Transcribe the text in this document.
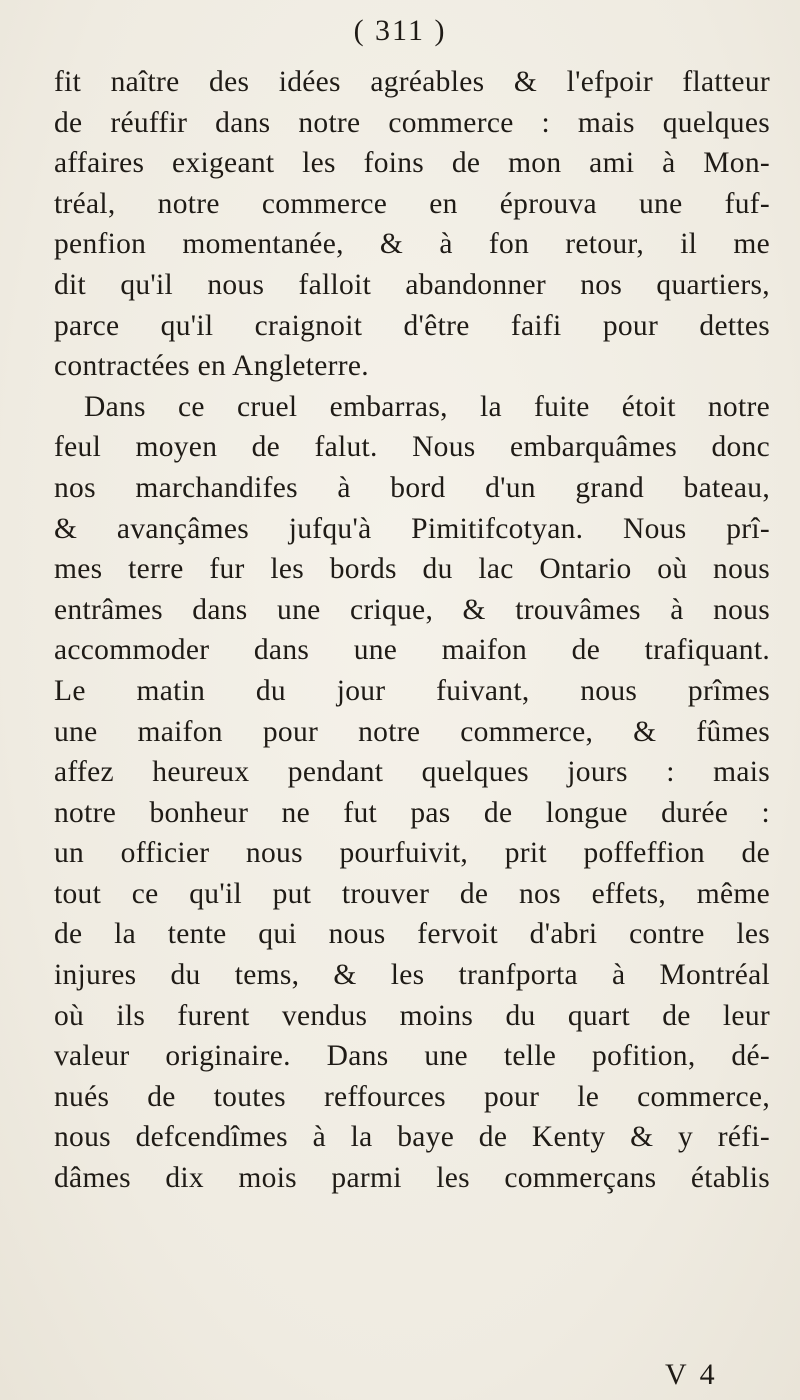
( 311 )
fit naître des idées agréables & l'efpoir flatteur
de réuffir dans notre commerce : mais quelques
affaires exigeant les foins de mon ami à Mon-
tréal, notre commerce en éprouva une fuf-
penfion momentanée, & à fon retour, il me
dit qu'il nous falloit abandonner nos quartiers,
parce qu'il craignoit d'être faifi pour dettes
contractées en Angleterre.
Dans ce cruel embarras, la fuite étoit notre
feul moyen de falut. Nous embarquâmes donc
nos marchandifes à bord d'un grand bateau,
& avançâmes jufqu'à Pimitifcotyan. Nous prî-
mes terre fur les bords du lac Ontario où nous
entrâmes dans une crique, & trouvâmes à nous
accommoder dans une maifon de trafiquant.
Le matin du jour fuivant, nous prîmes
une maifon pour notre commerce, & fûmes
affez heureux pendant quelques jours : mais
notre bonheur ne fut pas de longue durée :
un officier nous pourfuivit, prit poffeffion de
tout ce qu'il put trouver de nos effets, même
de la tente qui nous fervoit d'abri contre les
injures du tems, & les tranfporta à Montréal
où ils furent vendus moins du quart de leur
valeur originaire. Dans une telle pofition, dé-
nués de toutes reffources pour le commerce,
nous defcendîmes à la baye de Kenty & y réfi-
dâmes dix mois parmi les commerçans établis
V 4
